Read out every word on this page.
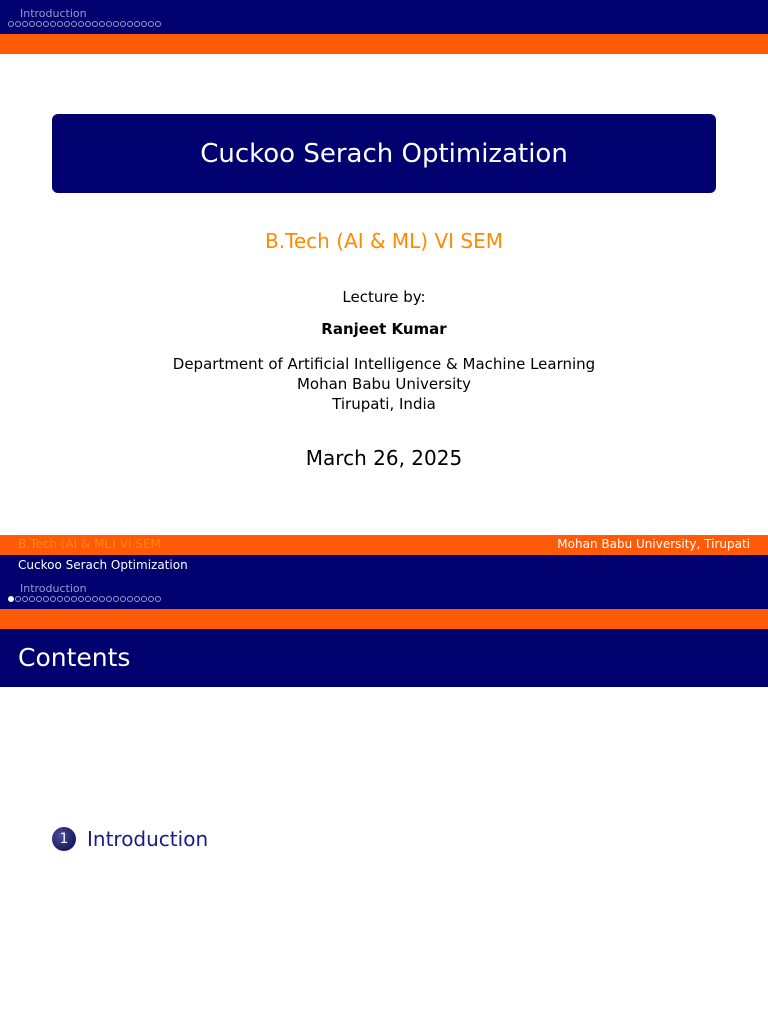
Introduction
Cuckoo Serach Optimization
B.Tech (AI & ML) VI SEM
Lecture by:
Ranjeet Kumar
Department of Artificial Intelligence & Machine Learning
Mohan Babu University
Tirupati, India
March 26, 2025
B.Tech (AI & ML) VI SEM	Mohan Babu University, Tirupati
Cuckoo Serach Optimization
Introduction
Contents
1 Introduction
